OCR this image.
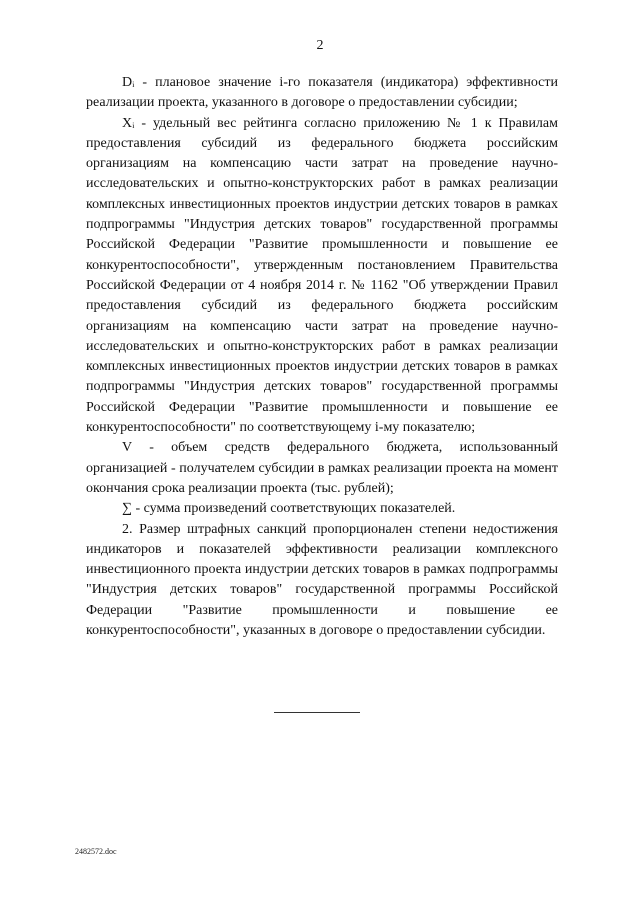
2

Dᵢ - плановое значение i-го показателя (индикатора) эффективности реализации проекта, указанного в договоре о предоставлении субсидии;

Xᵢ - удельный вес рейтинга согласно приложению № 1 к Правилам предоставления субсидий из федерального бюджета российским организациям на компенсацию части затрат на проведение научно-исследовательских и опытно-конструкторских работ в рамках реализации комплексных инвестиционных проектов индустрии детских товаров в рамках подпрограммы "Индустрия детских товаров" государственной программы Российской Федерации "Развитие промышленности и повышение ее конкурентоспособности", утвержденным постановлением Правительства Российской Федерации от 4 ноября 2014 г. № 1162 "Об утверждении Правил предоставления субсидий из федерального бюджета российским организациям на компенсацию части затрат на проведение научно-исследовательских и опытно-конструкторских работ в рамках реализации комплексных инвестиционных проектов индустрии детских товаров в рамках подпрограммы "Индустрия детских товаров" государственной программы Российской Федерации "Развитие промышленности и повышение ее конкурентоспособности" по соответствующему i-му показателю;

V - объем средств федерального бюджета, использованный организацией - получателем субсидии в рамках реализации проекта на момент окончания срока реализации проекта (тыс. рублей);

∑ - сумма произведений соответствующих показателей.

2. Размер штрафных санкций пропорционален степени недостижения индикаторов и показателей эффективности реализации комплексного инвестиционного проекта индустрии детских товаров в рамках подпрограммы "Индустрия детских товаров" государственной программы Российской Федерации "Развитие промышленности и повышение ее конкурентоспособности", указанных в договоре о предоставлении субсидии.

2482572.doc
